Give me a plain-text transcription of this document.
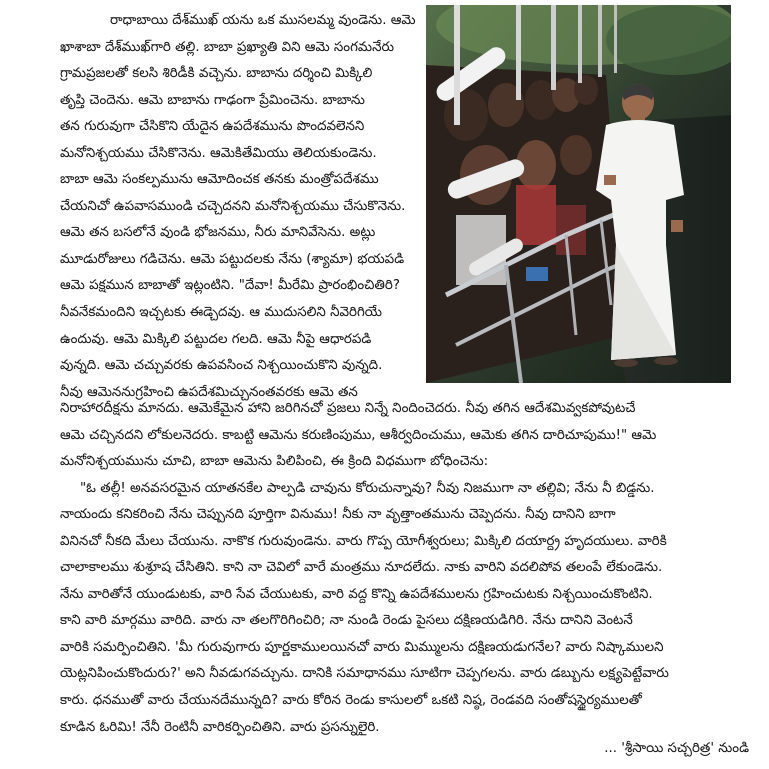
రాధాబాయి దేశ్‌ముఖ్ యను ఒక ముసలమ్మ వుండెను. ఆమె
ఖాశాబా దేశ్‌ముఖ్‌గారి తల్లి. బాబా ప్రఖ్యాతి విని ఆమె సంగమనేరు
గ్రామప్రజలతో కలసి శిరిడీకి వచ్చెను. బాబాను దర్శించి మిక్కిలి
తృప్తి చెందెను. ఆమె బాబాను గాఢంగా ప్రేమించెను. బాబాను
తన గురువుగా చేసికొని యేదైన ఉపదేశమును పొందవలెనని
మనోనిశ్చయము చేసికొనెను. ఆమెకితేమియు తెలియకుండెను.
బాబా ఆమె సంకల్పమును ఆమోదించక తనకు మంత్రోపదేశము
చేయనిచో ఉపవాసముండి చచ్చెదనని మనోనిశ్చయము చేసుకొనెను.
ఆమె తన బసలోనే వుండి భోజనము, నీరు మానివేసెను. అట్లు
మూడురోజులు గడిచెను. ఆమె పట్టుదలకు నేను (శ్యామా) భయపడి
ఆమె పక్షమున బాబాతో ఇట్లంటిని. "దేవా! మీరేమి ప్రారంభించితిరి?
నీవనేకమందిని ఇచ్చటకు ఈడ్చెదవు. ఆ ముదుసలిని నీవెరిగియే
ఉందువు. ఆమె మిక్కిలి పట్టుదల గలది. ఆమె నీపై ఆధారపడి
వున్నది. ఆమె చచ్చువరకు ఉపవసించ నిశ్చయించుకొని వున్నది.
నీవు ఆమెననుగ్రహించి ఉపదేశమిచ్చునంతవరకు ఆమె తన
నిరాహారదీక్షను మానదు. ఆమెకేమైన హాని జరిగినచో ప్రజలు నిన్నే నిందించెదరు. నీవు తగిన ఆదేశమివ్వకపోవుటచే
ఆమె చచ్చినదని లోకులనెదరు. కాబట్టి ఆమెను కరుణింపుము, ఆశీర్వదించుము, ఆమెకు తగిన దారిచూపుము!" ఆమె
మనోనిశ్చయమును చూచి, బాబా ఆమెను పిలిపించి, ఈ క్రింది విధముగా బోధించెను:
"ఓ తల్లీ! అనవసరమైన యాతనకేల పాల్పడి చావును కోరుచున్నావు? నీవు నిజముగా నా తల్లివి; నేను నీ బిడ్డను.
నాయందు కనికరించి నేను చెప్పునది పూర్తిగా వినుము! నీకు నా వృత్తాంతమును చెప్పెదను. నీవు దానిని బాగా
వినినచో నీకది మేలు చేయును. నాకొక గురువుండెను. వారు గొప్ప యోగీశ్వరులు; మిక్కిలి దయార్ద్ర హృదయులు. వారికి
చాలాకాలము శుశ్రూష చేసితిని. కాని నా చెవిలో వారే మంత్రము నూదలేదు. నాకు వారిని వదలిపోవ తలంపే లేకుండెను.
నేను వారితోనే యుండుటకు, వారి సేవ చేయుటకు, వారి వద్ద కొన్ని ఉపదేశములను గ్రహించుటకు నిశ్చయించుకొంటిని.
కాని వారి మార్గము వారిది. వారు నా తలగొరిగించిరి; నా నుండి రెండు పైసలు దక్షిణయడిగిరి. నేను దానిని వెంటనే
వారికి సమర్పించితిని. 'మీ గురువుగారు పూర్ణకాములయినచో వారు మిమ్ములను దక్షిణయడుగనేల? వారు నిష్కాములని
యెట్లనిపించుకొందురు?' అని నీవడుగవచ్చును. దానికి సమాధానము సూటిగా చెప్పగలను. వారు డబ్బును లక్ష్యపెట్టేవారు
కారు. ధనముతో వారు చేయునదేమున్నది? వారు కోరిన రెండు కాసులలో ఒకటి నిష్ఠ, రెండవది సంతోషస్థైర్యములతో
కూడిన ఓరిమి! నేనీ రెంటినీ వారికర్పించితిని. వారు ప్రసన్నులైరి.
... 'శ్రీసాయి సచ్చరిత్ర' నుండి
